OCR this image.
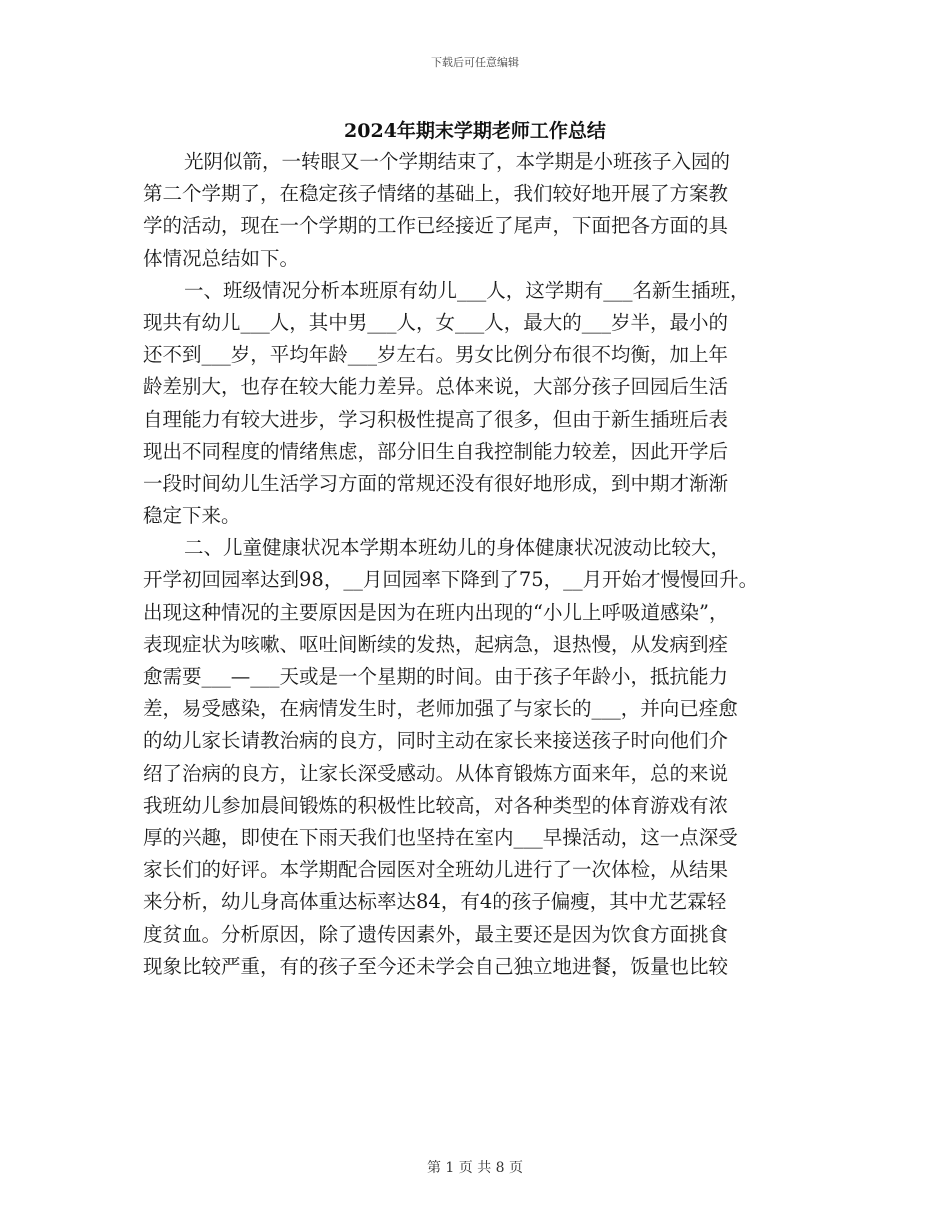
下载后可任意编辑
2024年期末学期老师工作总结
光阴似箭，一转眼又一个学期结束了，本学期是小班孩子入园的
第二个学期了，在稳定孩子情绪的基础上，我们较好地开展了方案教
学的活动，现在一个学期的工作已经接近了尾声，下面把各方面的具
体情况总结如下。
一、班级情况分析本班原有幼儿___人，这学期有___名新生插班，
现共有幼儿___人，其中男___人，女___人，最大的___岁半，最小的
还不到___岁，平均年龄___岁左右。男女比例分布很不均衡，加上年
龄差别大，也存在较大能力差异。总体来说，大部分孩子回园后生活
自理能力有较大进步，学习积极性提高了很多，但由于新生插班后表
现出不同程度的情绪焦虑，部分旧生自我控制能力较差，因此开学后
一段时间幼儿生活学习方面的常规还没有很好地形成，到中期才渐渐
稳定下来。
二、儿童健康状况本学期本班幼儿的身体健康状况波动比较大，
开学初回园率达到98，__月回园率下降到了75，__月开始才慢慢回升。
出现这种情况的主要原因是因为在班内出现的“小儿上呼吸道感染”，
表现症状为咳嗽、呕吐间断续的发热，起病急，退热慢，从发病到痊
愈需要___—___天或是一个星期的时间。由于孩子年龄小，抵抗能力
差，易受感染，在病情发生时，老师加强了与家长的___，并向已痊愈
的幼儿家长请教治病的良方，同时主动在家长来接送孩子时向他们介
绍了治病的良方，让家长深受感动。从体育锻炼方面来年，总的来说
我班幼儿参加晨间锻炼的积极性比较高，对各种类型的体育游戏有浓
厚的兴趣，即使在下雨天我们也坚持在室内___早操活动，这一点深受
家长们的好评。本学期配合园医对全班幼儿进行了一次体检，从结果
来分析，幼儿身高体重达标率达84，有4的孩子偏瘦，其中尤艺霖轻
度贫血。分析原因，除了遗传因素外，最主要还是因为饮食方面挑食
现象比较严重，有的孩子至今还未学会自己独立地进餐，饭量也比较
第 1 页 共 8 页
